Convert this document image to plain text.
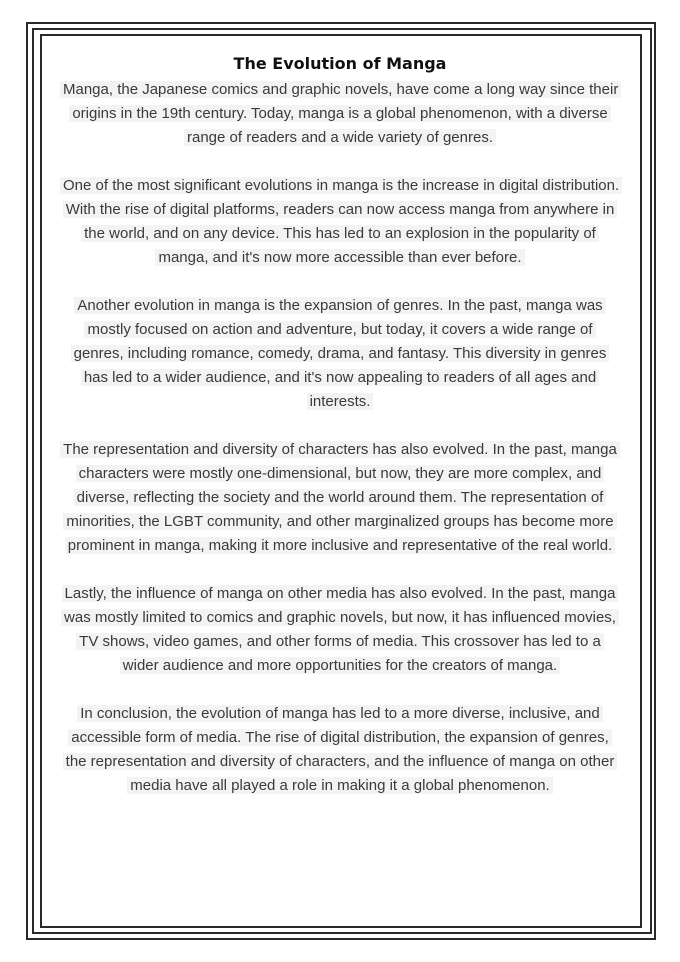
The Evolution of Manga

Manga, the Japanese comics and graphic novels, have come a long way since their origins in the 19th century. Today, manga is a global phenomenon, with a diverse range of readers and a wide variety of genres.

One of the most significant evolutions in manga is the increase in digital distribution. With the rise of digital platforms, readers can now access manga from anywhere in the world, and on any device. This has led to an explosion in the popularity of manga, and it's now more accessible than ever before.

Another evolution in manga is the expansion of genres. In the past, manga was mostly focused on action and adventure, but today, it covers a wide range of genres, including romance, comedy, drama, and fantasy. This diversity in genres has led to a wider audience, and it's now appealing to readers of all ages and interests.

The representation and diversity of characters has also evolved. In the past, manga characters were mostly one-dimensional, but now, they are more complex, and diverse, reflecting the society and the world around them. The representation of minorities, the LGBT community, and other marginalized groups has become more prominent in manga, making it more inclusive and representative of the real world.

Lastly, the influence of manga on other media has also evolved. In the past, manga was mostly limited to comics and graphic novels, but now, it has influenced movies, TV shows, video games, and other forms of media. This crossover has led to a wider audience and more opportunities for the creators of manga.

In conclusion, the evolution of manga has led to a more diverse, inclusive, and accessible form of media. The rise of digital distribution, the expansion of genres, the representation and diversity of characters, and the influence of manga on other media have all played a role in making it a global phenomenon.
